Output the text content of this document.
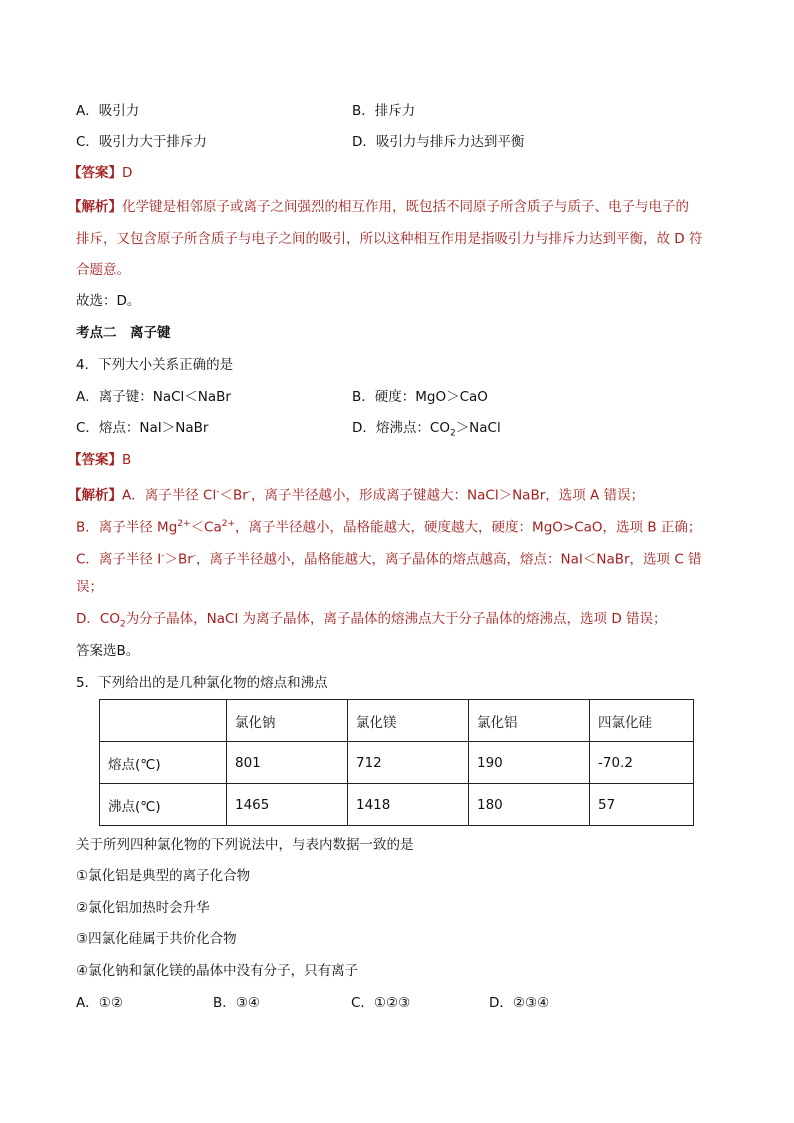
A．吸引力	B．排斥力
C．吸引力大于排斥力	D．吸引力与排斥力达到平衡
【答案】D
【解析】化学键是相邻原子或离子之间强烈的相互作用，既包括不同原子所含质子与质子、电子与电子的
排斥，又包含原子所含质子与电子之间的吸引，所以这种相互作用是指吸引力与排斥力达到平衡，故 D 符
合题意。
故选：D。
考点二　离子键
4．下列大小关系正确的是
A．离子键：NaCl＜NaBr	B．硬度：MgO＞CaO
C．熔点：NaI＞NaBr	D．熔沸点：$CO_2>NaCl$
【答案】B
【解析】A．离子半径 Cl-＜Br-，离子半径越小，形成离子键越大：NaCl＞NaBr，选项 A 错误；
B．离子半径 $Mg^{2+}<Ca^{2+}$，离子半径越小，晶格能越大，硬度越大，硬度：MgO>CaO，选项 B 正确；
C．离子半径 I-＞Br-，离子半径越小，晶格能越大，离子晶体的熔点越高，熔点：NaI＜NaBr，选项 C 错
误；
D．$CO_2$为分子晶体，NaCl 为离子晶体，离子晶体的熔沸点大于分子晶体的熔沸点，选项 D 错误；
答案选B。
5．下列给出的是几种氯化物的熔点和沸点
	氯化钠	氯化镁	氯化铝	四氯化硅
熔点(℃)	801	712	190	-70.2
沸点(℃)	1465	1418	180	57
关于所列四种氯化物的下列说法中，与表内数据一致的是
①氯化铝是典型的离子化合物
②氯化铝加热时会升华
③四氯化硅属于共价化合物
④氯化钠和氯化镁的晶体中没有分子，只有离子
A．①②	B．③④	C．①②③	D．②③④
